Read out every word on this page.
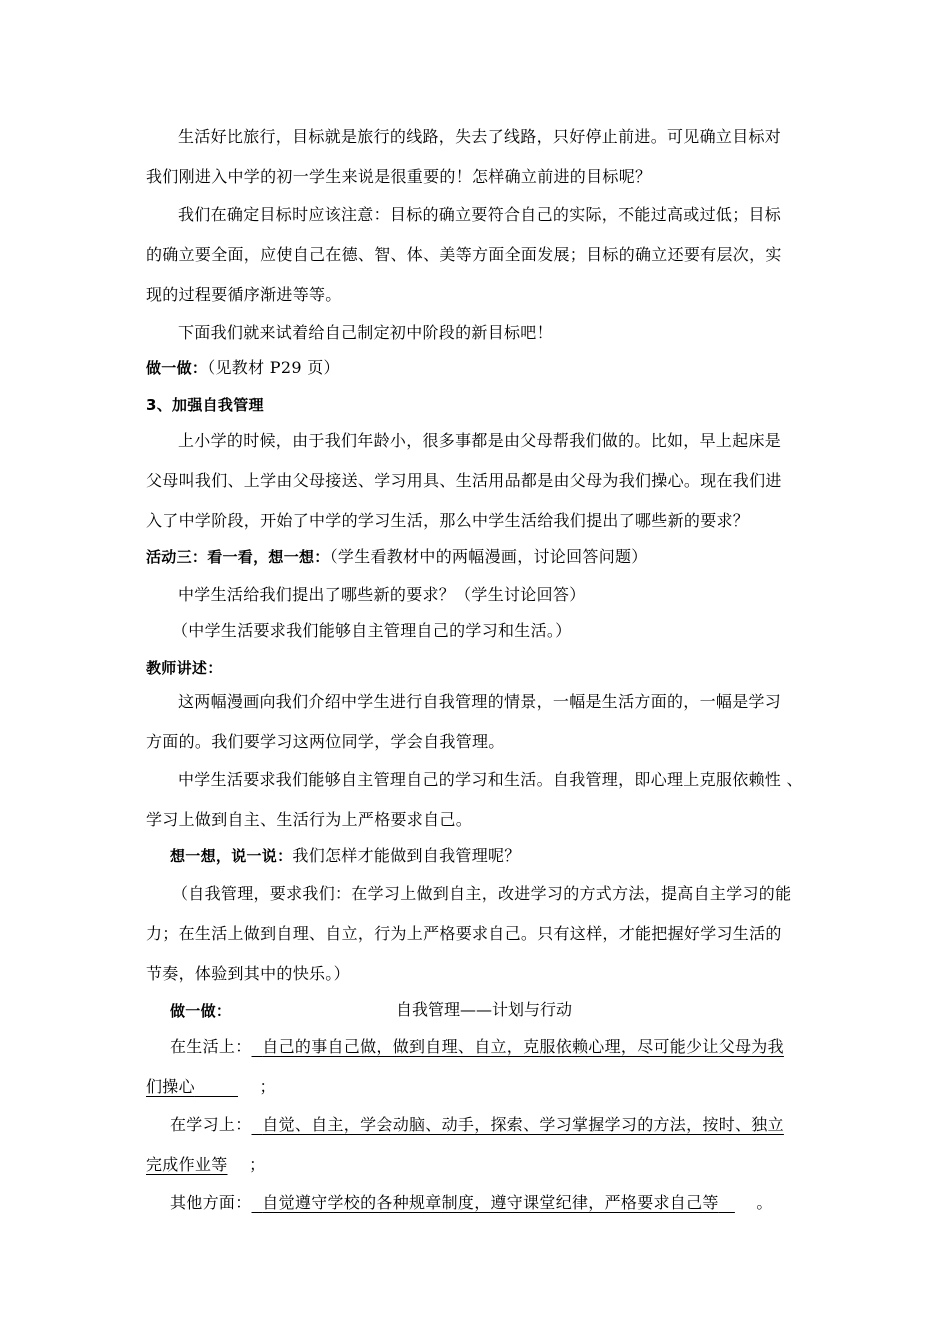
生活好比旅行，目标就是旅行的线路，失去了线路，只好停止前进。可见确立目标对
我们刚进入中学的初一学生来说是很重要的！怎样确立前进的目标呢？
我们在确定目标时应该注意：目标的确立要符合自己的实际，不能过高或过低；目标
的确立要全面，应使自己在德、智、体、美等方面全面发展；目标的确立还要有层次，实
现的过程要循序渐进等等。
下面我们就来试着给自己制定初中阶段的新目标吧！
做一做：（见教材 P29 页）
3、加强自我管理
上小学的时候，由于我们年龄小，很多事都是由父母帮我们做的。比如，早上起床是
父母叫我们、上学由父母接送、学习用具、生活用品都是由父母为我们操心。现在我们进
入了中学阶段，开始了中学的学习生活，那么中学生活给我们提出了哪些新的要求？
活动三：看一看，想一想：（学生看教材中的两幅漫画，讨论回答问题）
中学生活给我们提出了哪些新的要求？（学生讨论回答）
（中学生活要求我们能够自主管理自己的学习和生活。）
教师讲述：
这两幅漫画向我们介绍中学生进行自我管理的情景，一幅是生活方面的，一幅是学习
方面的。我们要学习这两位同学，学会自我管理。
中学生活要求我们能够自主管理自己的学习和生活。自我管理，即心理上克服依赖性 、
学习上做到自主、生活行为上严格要求自己。
想一想，说一说：我们怎样才能做到自我管理呢？
（自我管理，要求我们：在学习上做到自主，改进学习的方式方法，提高自主学习的能
力；在生活上做到自理、自立，行为上严格要求自己。只有这样，才能把握好学习生活的
节奏，体验到其中的快乐。）
做一做：	自我管理——计划与行动
在生活上： 自己的事自己做，做到自理、自立，克服依赖心理，尽可能少让父母为我
们操心	；
在学习上： 自觉、自主，学会动脑、动手，探索、学习掌握学习的方法，按时、独立
完成作业等 ；
其他方面： 自觉遵守学校的各种规章制度，遵守课堂纪律，严格要求自己等 。
